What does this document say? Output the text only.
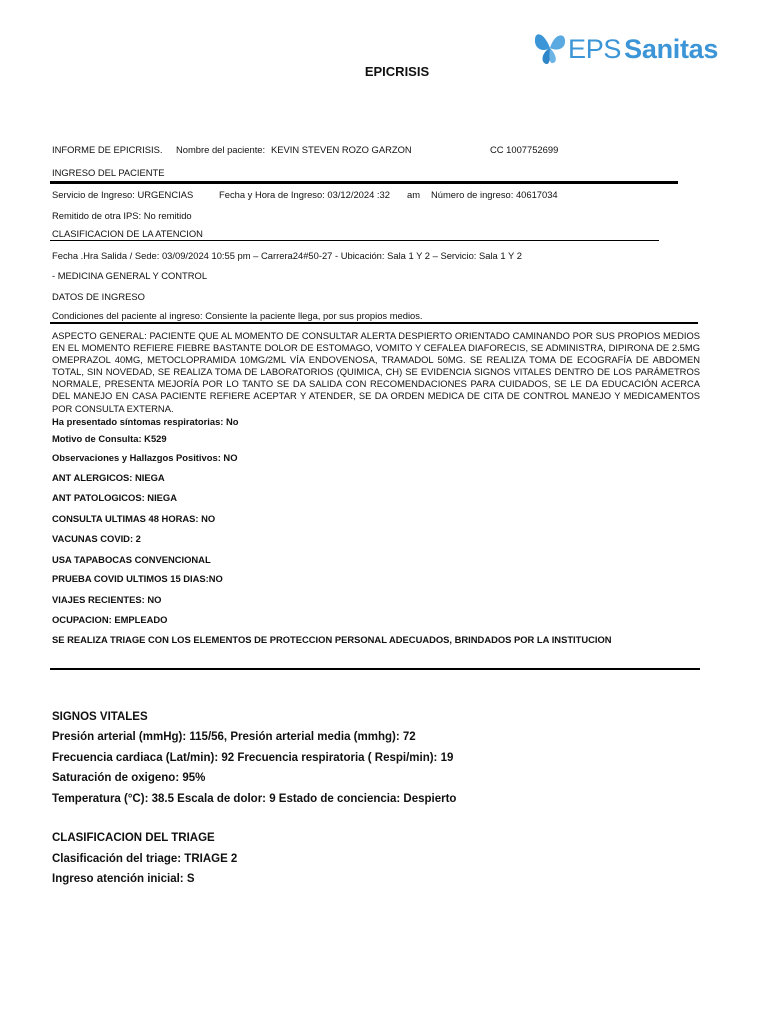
EPICRISIS
EPS Sanitas
INFORME DE EPICRISIS. Nombre del paciente: KEVIN STEVEN ROZO GARZON	CC 1007752699
INGRESO DEL PACIENTE
Servicio de Ingreso: URGENCIAS	Fecha y Hora de Ingreso: 03/12/2024 :32 am Número de ingreso: 40617034
Remitido de otra IPS: No remitido
CLASIFICACION DE LA ATENCION
Fecha .Hra Salida / Sede: 03/09/2024 10:55 pm – Carrera24#50-27 - Ubicación: Sala 1 Y 2 – Servicio: Sala 1 Y 2
- MEDICINA GENERAL Y CONTROL
DATOS DE INGRESO
Condiciones del paciente al ingreso: Consiente la paciente llega, por sus propios medios.
ASPECTO GENERAL: PACIENTE QUE AL MOMENTO DE CONSULTAR ALERTA DESPIERTO ORIENTADO CAMINANDO POR SUS PROPIOS MEDIOS EN EL MOMENTO REFIERE FIEBRE BASTANTE DOLOR DE ESTOMAGO, VOMITO Y CEFALEA DIAFORECIS, SE ADMINISTRA, DIPIRONA DE 2.5MG OMEPRAZOL 40MG, METOCLOPRAMIDA 10MG/2ML VÍA ENDOVENOSA, TRAMADOL 50MG. SE REALIZA TOMA DE ECOGRAFÍA DE ABDOMEN TOTAL, SIN NOVEDAD, SE REALIZA TOMA DE LABORATORIOS (QUIMICA, CH) SE EVIDENCIA SIGNOS VITALES DENTRO DE LOS PARÁMETROS NORMALE, PRESENTA MEJORÍA POR LO TANTO SE DA SALIDA CON RECOMENDACIONES PARA CUIDADOS, SE LE DA EDUCACIÓN ACERCA DEL MANEJO EN CASA PACIENTE REFIERE ACEPTAR Y ATENDER, SE DA ORDEN MEDICA DE CITA DE CONTROL MANEJO Y MEDICAMENTOS POR CONSULTA EXTERNA.
Ha presentado síntomas respiratorias: No
Motivo de Consulta: K529
Observaciones y Hallazgos Positivos: NO
ANT ALERGICOS: NIEGA
ANT PATOLOGICOS: NIEGA
CONSULTA ULTIMAS 48 HORAS: NO
VACUNAS COVID: 2
USA TAPABOCAS CONVENCIONAL
PRUEBA COVID ULTIMOS 15 DIAS:NO
VIAJES RECIENTES: NO
OCUPACION: EMPLEADO
SE REALIZA TRIAGE CON LOS ELEMENTOS DE PROTECCION PERSONAL ADECUADOS, BRINDADOS POR LA INSTITUCION
SIGNOS VITALES
Presión arterial (mmHg): 115/56, Presión arterial media (mmhg): 72
Frecuencia cardiaca (Lat/min): 92 Frecuencia respiratoria ( Respi/min): 19
Saturación de oxigeno: 95%
Temperatura (°C): 38.5 Escala de dolor: 9 Estado de conciencia: Despierto
CLASIFICACION DEL TRIAGE
Clasificación del triage: TRIAGE 2
Ingreso atención inicial: S
